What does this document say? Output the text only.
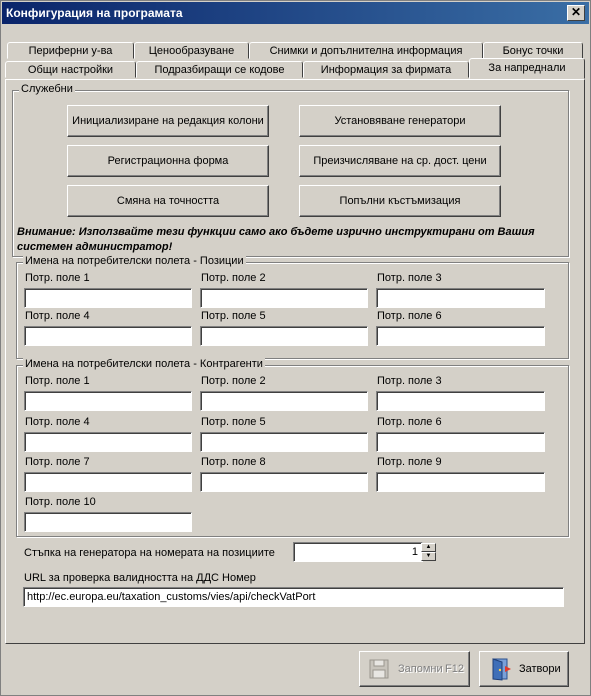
Конфигурация на програмата	✕
Периферни у-ва	Ценообразуване	Снимки и допълнителна информация	Бонус точки
Общи настройки	Подразбиращи се кодове	Информация за фирмата	За напреднали
Служебни
Инициализиране на редакция колони	Установяване генератори
Регистрационна форма	Преизчисляване на ср. дост. цени
Смяна на точността	Попълни къстъмизация
Внимание: Използвайте тези функции само ако бъдете изрично инструктирани от Вашия системен администратор!
Имена на потребителски полета - Позиции
Потр. поле 1	Потр. поле 2	Потр. поле 3
Потр. поле 4	Потр. поле 5	Потр. поле 6
Имена на потребителски полета - Контрагенти
Потр. поле 1	Потр. поле 2	Потр. поле 3
Потр. поле 4	Потр. поле 5	Потр. поле 6
Потр. поле 7	Потр. поле 8	Потр. поле 9
Потр. поле 10
Стъпка на генератора на номерата на позициите
1	▲
▼
URL за проверка валидността на ДДС Номер
http://ec.europa.eu/taxation_customs/vies/api/checkVatPort
Запомни F12	Затвори
